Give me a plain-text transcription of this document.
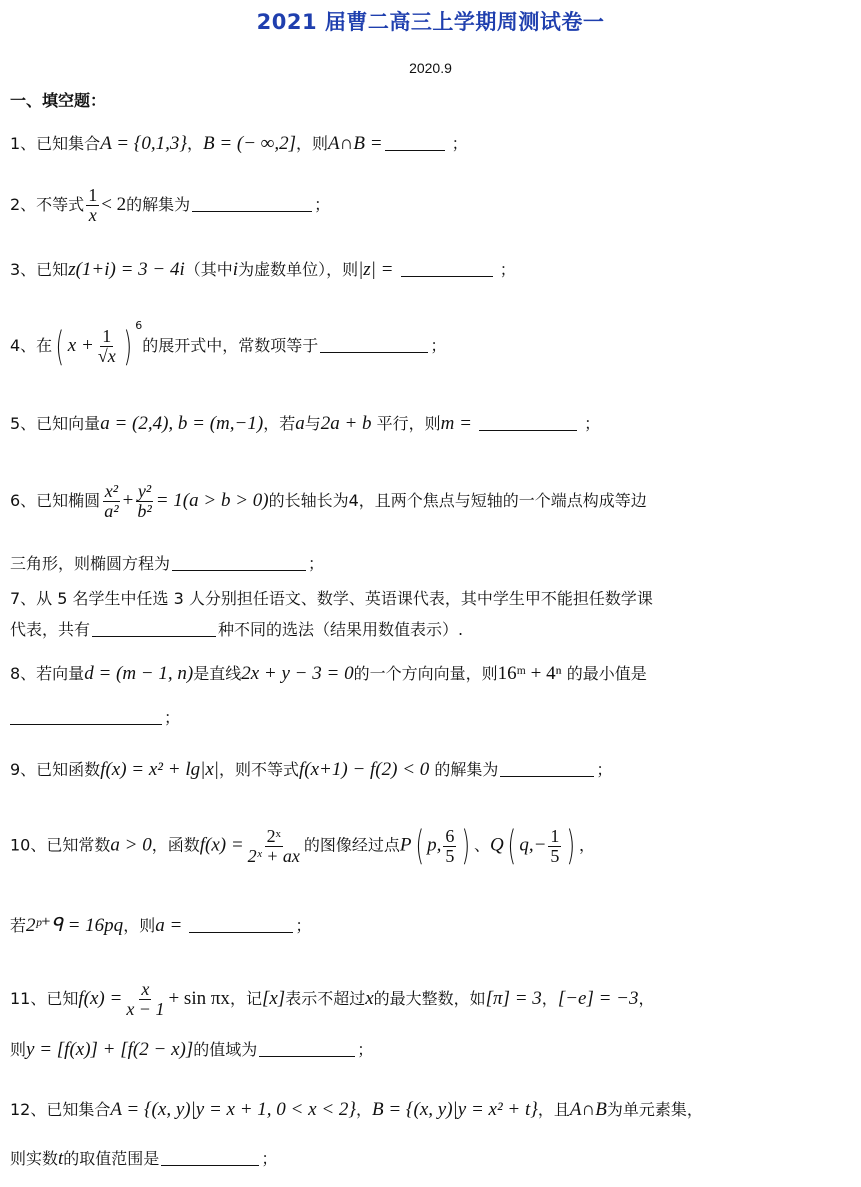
2021 届曹二高三上学期周测试卷一
2020.9
一、填空题：
1、已知集合A = {0,1,3}，B = (− ∞,2]，则A∩B =	；
2、不等式 $\frac{1}{x} < 2$的解集为	；
3、已知z(1+i) = 3 − 4i（其中i为虚数单位），则|z| =	；
4、在( $x + \frac{1}{√x}$ ) $^6$的展开式中，常数项等于	；
5、已知向量a = (2,4), b = (m,−1)，若a与2a + b 平行，则m =	；
6、已知椭圆 $\frac{\text{x²}}{\text{a²}} + \frac{\text{y²}}{\text{b²}} = 1(a > b > 0)$的长轴长为4，且两个焦点与短轴的一个端点构成等边
三角形，则椭圆方程为	；
7、从 5 名学生中任选 3 人分别担任语文、数学、英语课代表，其中学生甲不能担任数学课
代表，共有	种不同的选法（结果用数值表示）.
8、若向量d = (m − 1, n)是直线2x + y − 3 = 0的一个方向向量，则16ᵐ + 4ⁿ 的最小值是
；
9、已知函数f(x) = x² + lg|x|，则不等式f(x+1) − f(2) < 0 的解集为	；
10、已知常数a > 0，函数$f(x) = \frac{\text{2ˣ}}{\text{2ˣ + ax}}$ 的图像经过点P( p, $\frac{6}{5}$ ) 、Q( $q,- \frac{1}{5}$ ) ，
若2ᵖ⁺ᑫ = 16pq，则a =	；
11、已知$f(x) = \frac{x}{x - 1} + \sin \pi x$，记[x]表示不超过x的最大整数，如[π] = 3，[−e] = −3，
则y = [f(x)] + [f(2 − x)]的值域为	；
12、已知集合A = {(x, y)|y = x + 1, 0 < x < 2}，B = {(x, y)|y = x² + t}，且A∩B为单元素集，
则实数t的取值范围是	；
